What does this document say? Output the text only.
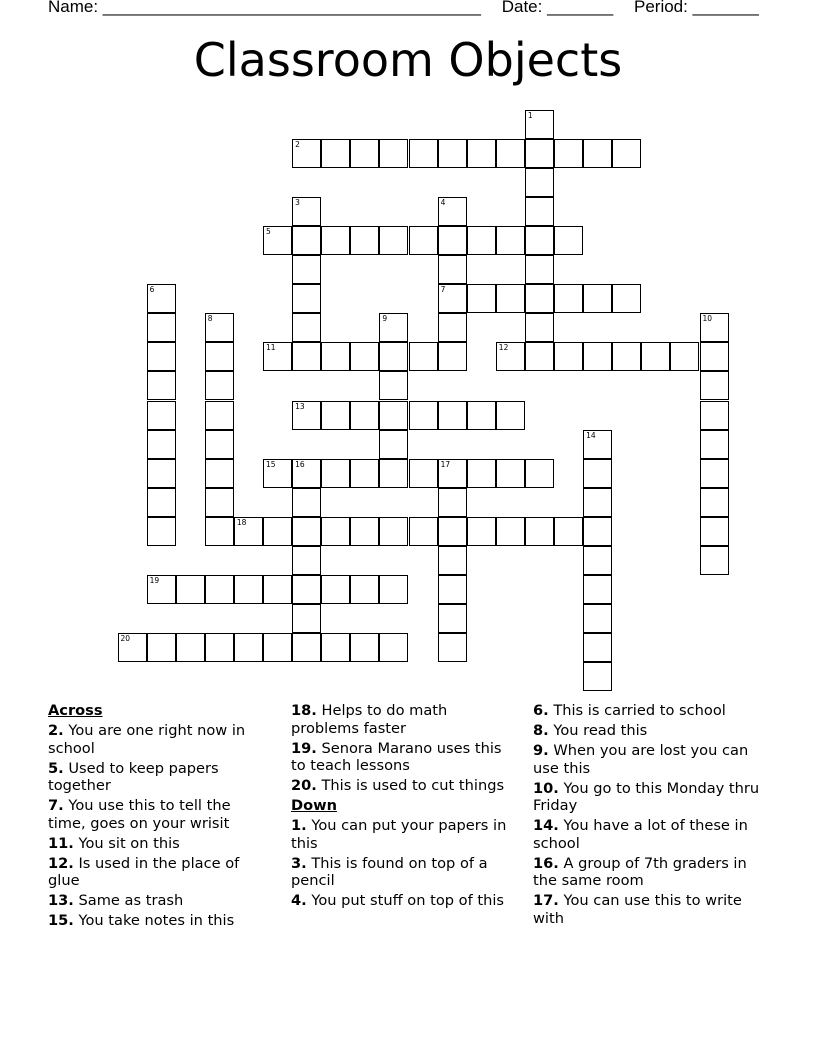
Name: ________________________________________ Date: _______ Period: _______
Classroom Objects
1
2
3	4
7
5
6
8	9	10
11	12
13
14
15	16	17
18
19
20
Across
2. You are one right now in school
5. Used to keep papers together
7. You use this to tell the time, goes on your wrisit
11. You sit on this
12. Is used in the place of glue
13. Same as trash
15. You take notes in this
18. Helps to do math problems faster
19. Senora Marano uses this to teach lessons
20. This is used to cut things
Down
1. You can put your papers in this
3. This is found on top of a pencil
4. You put stuff on top of this
6. This is carried to school
8. You read this
9. When you are lost you can use this
10. You go to this Monday thru Friday
14. You have a lot of these in school
16. A group of 7th graders in the same room
17. You can use this to write with
